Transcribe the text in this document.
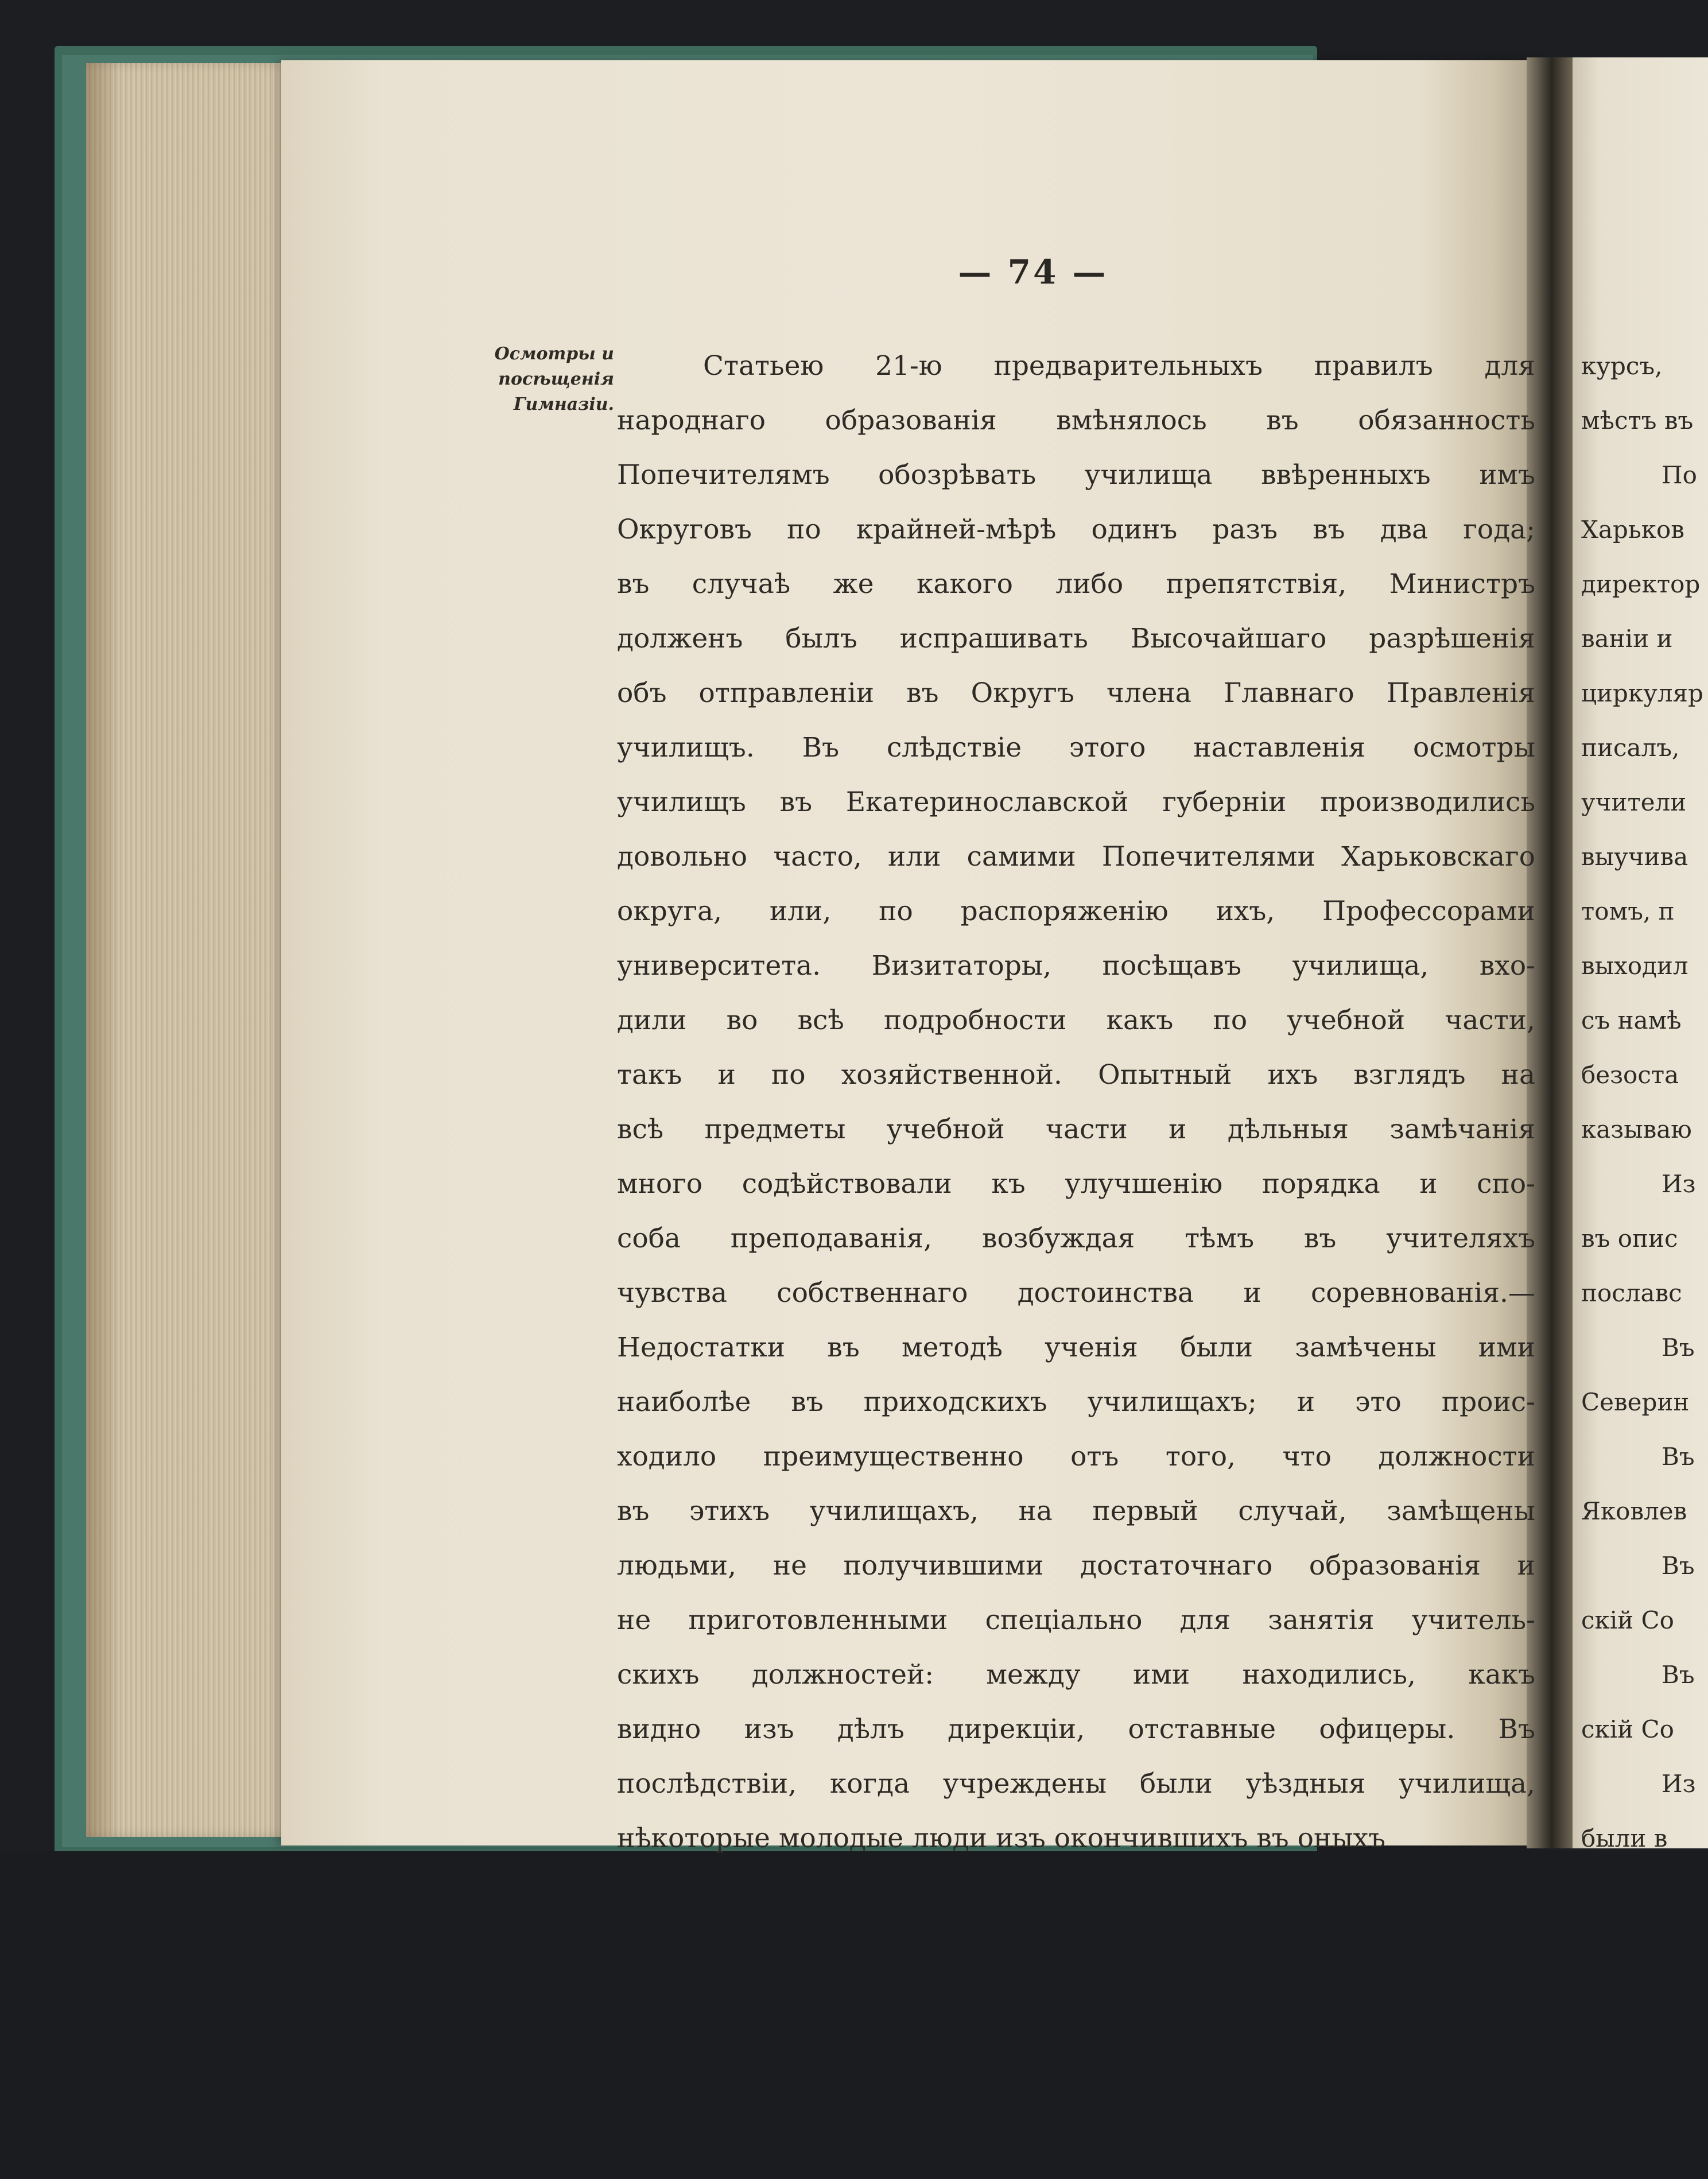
— 74 —
Осмотры и посѣщенія Гимназіи.
Статьею 21-ю предварительныхъ правилъ для
народнаго образованія вмѣнялось въ обязанность
Попечителямъ обозрѣвать училища ввѣренныхъ имъ
Округовъ по крайней-мѣрѣ одинъ разъ въ два года;
въ случаѣ же какого либо препятствія, Министръ
долженъ былъ испрашивать Высочайшаго разрѣшенія
объ отправленіи въ Округъ члена Главнаго Правленія
училищъ. Въ слѣдствіе этого наставленія осмотры
училищъ въ Екатеринославской губерніи производились
довольно часто, или самими Попечителями Харьковскаго
округа, или, по распоряженію ихъ, Профессорами
университета. Визитаторы, посѣщавъ училища, вхо-
дили во всѣ подробности какъ по учебной части,
такъ и по хозяйственной. Опытный ихъ взглядъ на
всѣ предметы учебной части и дѣльныя замѣчанія
много содѣйствовали къ улучшенію порядка и спо-
соба преподаванія, возбуждая тѣмъ въ учителяхъ
чувства собственнаго достоинства и соревнованія.—
Недостатки въ методѣ ученія были замѣчены ими
наиболѣе въ приходскихъ училищахъ; и это проис-
ходило преимущественно отъ того, что должности
въ этихъ училищахъ, на первый случай, замѣщены
людьми, не получившими достаточнаго образованія и
не приготовленными спеціально для занятія учитель-
скихъ должностей: между ими находились, какъ
видно изъ дѣлъ дирекціи, отставные офицеры. Въ
послѣдствіи, когда учреждены были уѣздныя училища,
нѣкоторые молодые люди изъ окончившихъ въ оныхъ
курсъ,
мѣстъ въ
По
Харьков
директор
ваніи и
циркуляр
писалъ,
учители
выучива
томъ, п
выходил
съ намѣ
безоста
казываю
Из
въ опис
пославс
Въ
Северин
Въ
Яковлев
Въ
скій Со
Въ
скій Со
Из
были в
